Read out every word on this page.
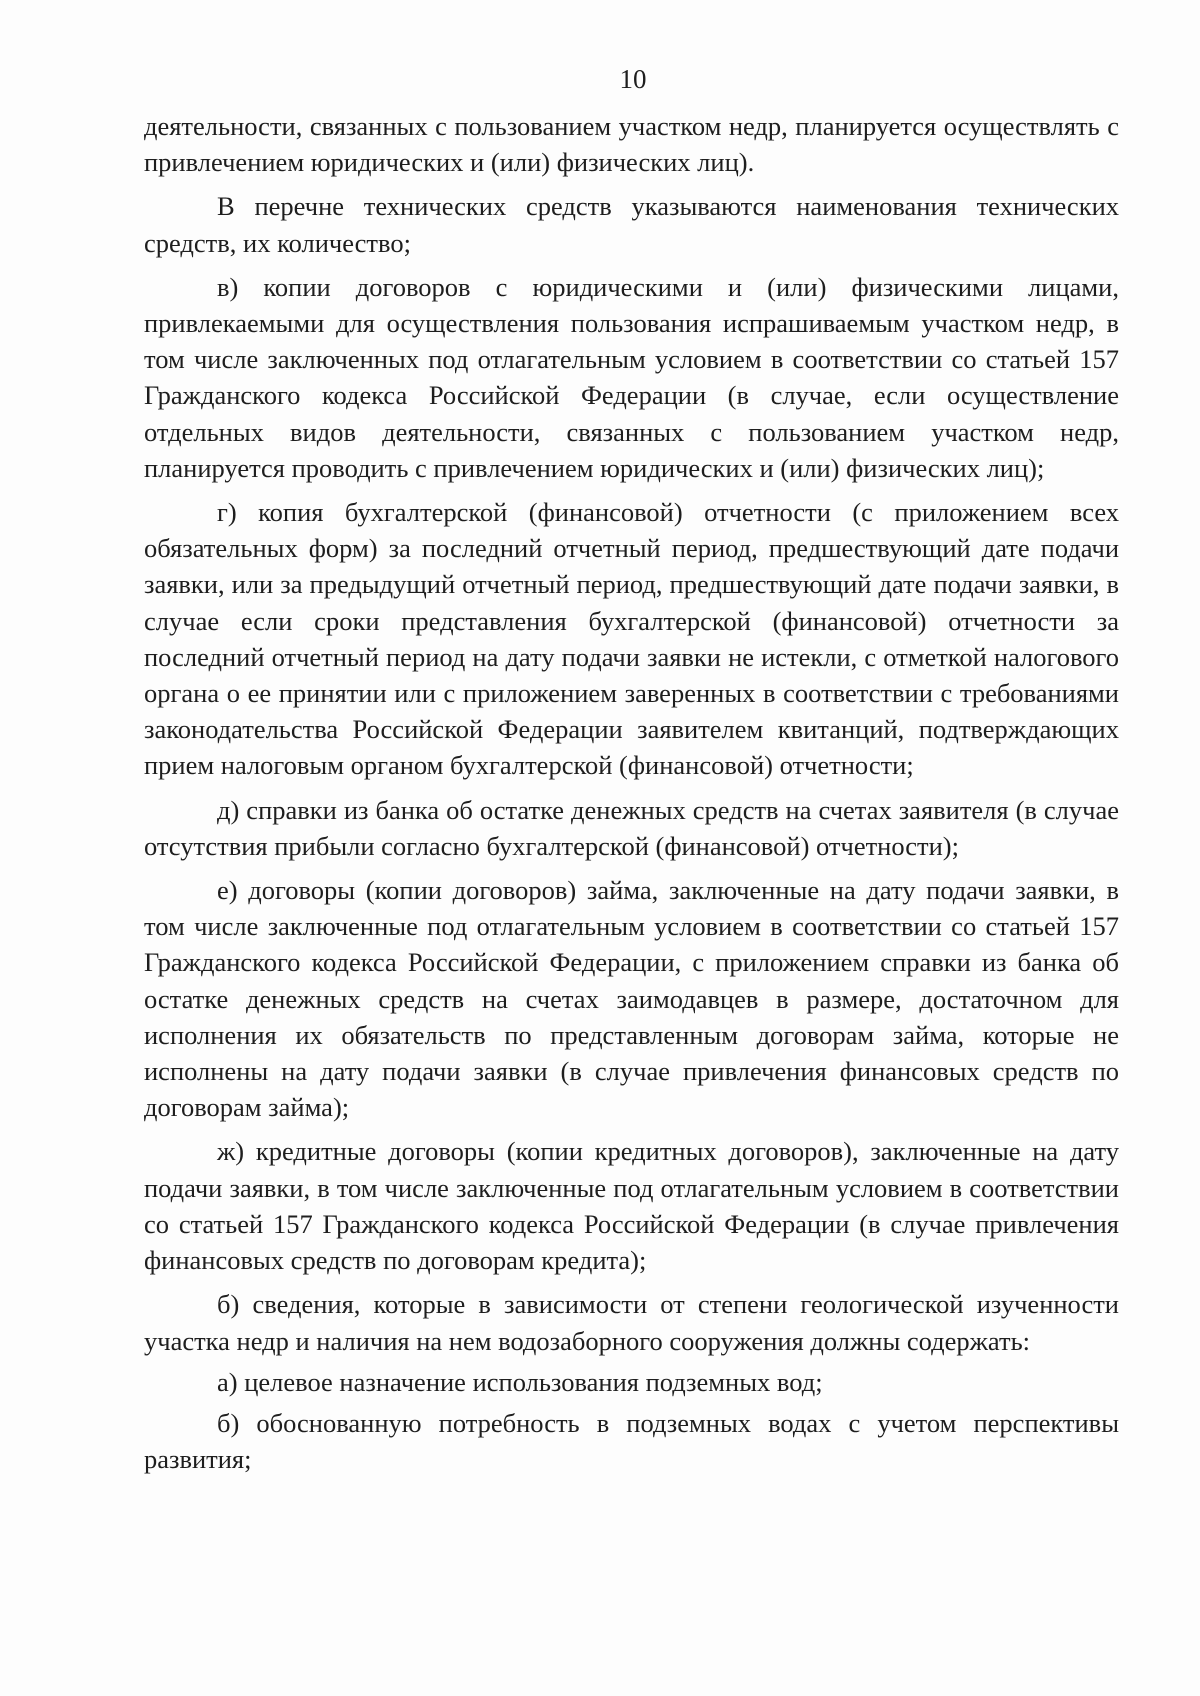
10

деятельности, связанных с пользованием участком недр, планируется осуществлять с привлечением юридических и (или) физических лиц).

В перечне технических средств указываются наименования технических средств, их количество;

в) копии договоров с юридическими и (или) физическими лицами, привлекаемыми для осуществления пользования испрашиваемым участком недр, в том числе заключенных под отлагательным условием в соответствии со статьей 157 Гражданского кодекса Российской Федерации (в случае, если осуществление отдельных видов деятельности, связанных с пользованием участком недр, планируется проводить с привлечением юридических и (или) физических лиц);

г) копия бухгалтерской (финансовой) отчетности (с приложением всех обязательных форм) за последний отчетный период, предшествующий дате подачи заявки, или за предыдущий отчетный период, предшествующий дате подачи заявки, в случае если сроки представления бухгалтерской (финансовой) отчетности за последний отчетный период на дату подачи заявки не истекли, с отметкой налогового органа о ее принятии или с приложением заверенных в соответствии с требованиями законодательства Российской Федерации заявителем квитанций, подтверждающих прием налоговым органом бухгалтерской (финансовой) отчетности;

д) справки из банка об остатке денежных средств на счетах заявителя (в случае отсутствия прибыли согласно бухгалтерской (финансовой) отчетности);

е) договоры (копии договоров) займа, заключенные на дату подачи заявки, в том числе заключенные под отлагательным условием в соответствии со статьей 157 Гражданского кодекса Российской Федерации, с приложением справки из банка об остатке денежных средств на счетах заимодавцев в размере, достаточном для исполнения их обязательств по представленным договорам займа, которые не исполнены на дату подачи заявки (в случае привлечения финансовых средств по договорам займа);

ж) кредитные договоры (копии кредитных договоров), заключенные на дату подачи заявки, в том числе заключенные под отлагательным условием в соответствии со статьей 157 Гражданского кодекса Российской Федерации (в случае привлечения финансовых средств по договорам кредита);

б) сведения, которые в зависимости от степени геологической изученности участка недр и наличия на нем водозаборного сооружения должны содержать:

а) целевое назначение использования подземных вод;

б) обоснованную потребность в подземных водах с учетом перспективы развития;
